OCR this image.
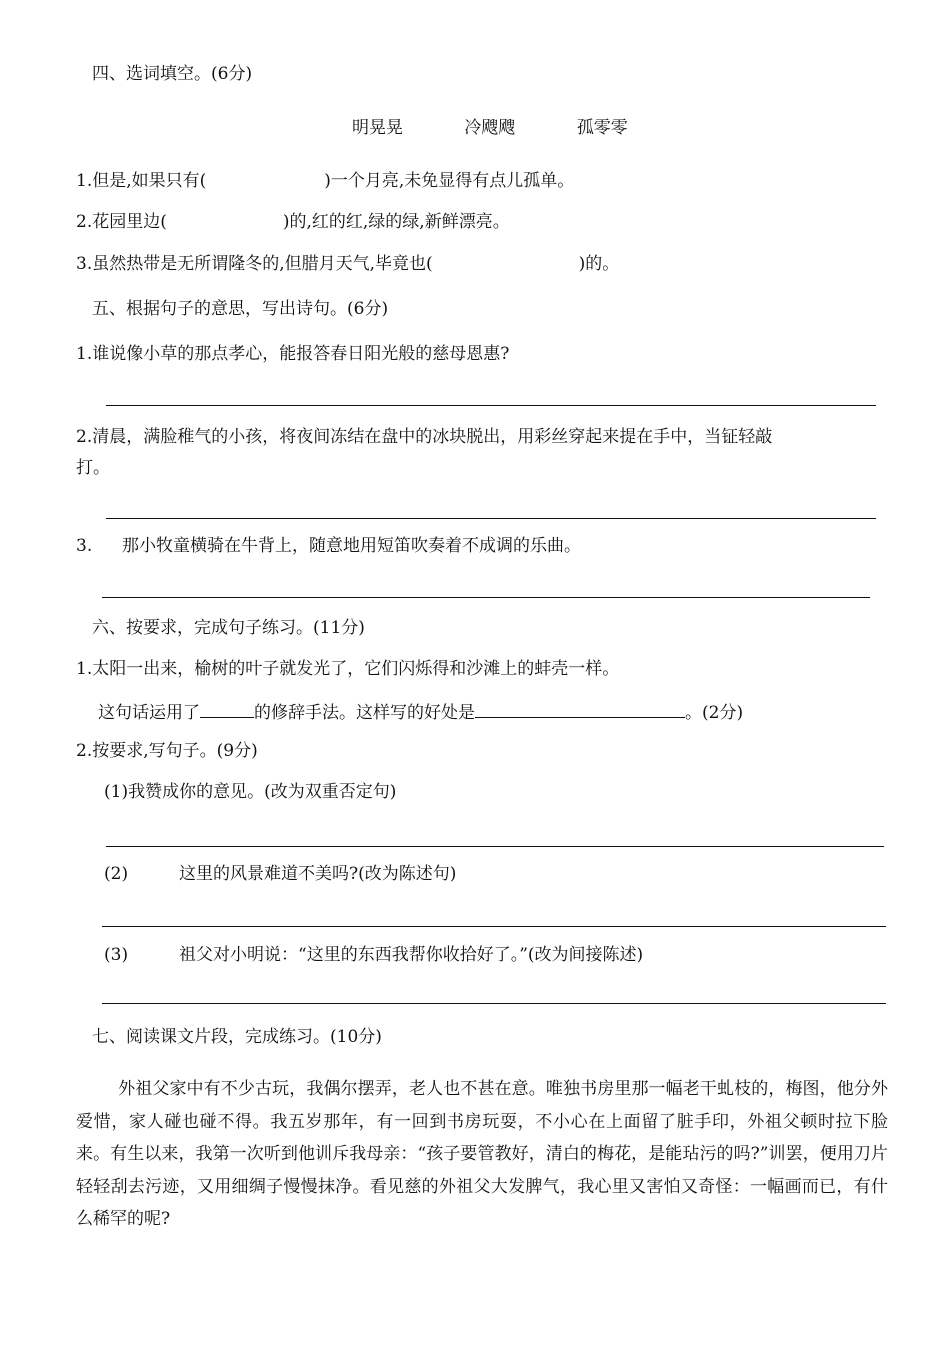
四、选词填空。(6分)
明晃晃	冷飕飕	孤零零
1.但是,如果只有(	)一个月亮,未免显得有点儿孤单。
2.花园里边(	)的,红的红,绿的绿,新鲜漂亮。
3.虽然热带是无所谓隆冬的,但腊月天气,毕竟也(	)的。
五、根据句子的意思，写出诗句。(6分)
1.谁说像小草的那点孝心，能报答春日阳光般的慈母恩惠?
2.清晨，满脸稚气的小孩，将夜间冻结在盘中的冰块脱出，用彩丝穿起来提在手中，当钲轻敲
打。
3. 那小牧童横骑在牛背上，随意地用短笛吹奏着不成调的乐曲。
六、按要求，完成句子练习。(11分)
1.太阳一出来，榆树的叶子就发光了，它们闪烁得和沙滩上的蚌壳一样。
这句话运用了	的修辞手法。这样写的好处是	。(2分)
2.按要求,写句子。(9分)
(1)我赞成你的意见。(改为双重否定句)
(2)	这里的风景难道不美吗?(改为陈述句)
(3)	祖父对小明说：“这里的东西我帮你收拾好了。”(改为间接陈述)
七、阅读课文片段，完成练习。(10分)
外祖父家中有不少古玩，我偶尔摆弄，老人也不甚在意。唯独书房里那一幅老干虬枝的，梅图，他分外爱惜，家人碰也碰不得。我五岁那年，有一回到书房玩耍，不小心在上面留了脏手印，外祖父顿时拉下脸来。有生以来，我第一次听到他训斥我母亲：“孩子要管教好，清白的梅花，是能玷污的吗?”训罢，便用刀片轻轻刮去污迹，又用细绸子慢慢抹净。看见慈的外祖父大发脾气，我心里又害怕又奇怪：一幅画而已，有什么稀罕的呢?
